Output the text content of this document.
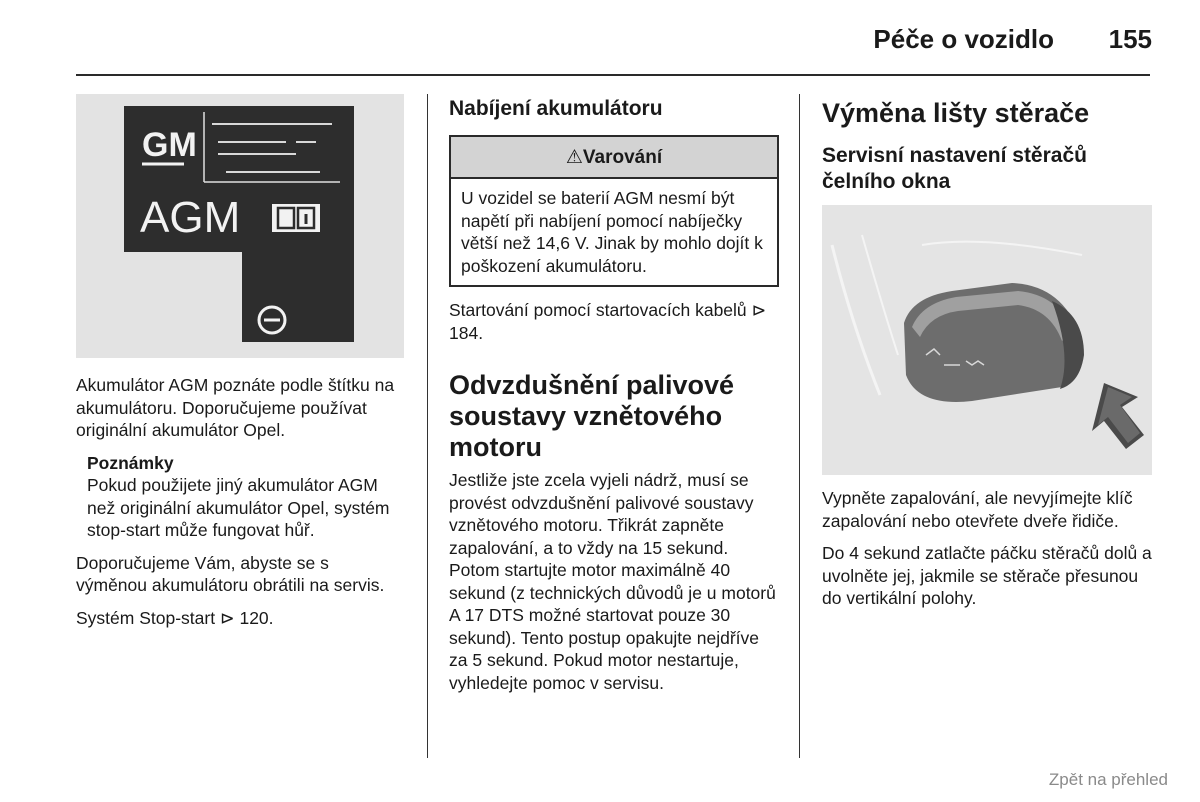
Péče o vozidlo 155
GM
AGM

Akumulátor AGM poznáte podle štítku na akumulátoru. Doporučujeme používat originální akumulátor Opel.

Poznámky
Pokud použijete jiný akumulátor AGM než originální akumulátor Opel, systém stop-start může fungovat hůř.

Doporučujeme Vám, abyste se s výměnou akumulátoru obrátili na servis.

Systém Stop-start ⊳ 120.

Nabíjení akumulátoru
⚠Varování
U vozidel se baterií AGM nesmí být napětí při nabíjení pomocí nabíječky větší než 14,6 V. Jinak by mohlo dojít k poškození akumulátoru.

Startování pomocí startovacích kabelů ⊳ 184.

Odvzdušnění palivové soustavy vznětového motoru

Jestliže jste zcela vyjeli nádrž, musí se provést odvzdušnění palivové soustavy vznětového motoru. Třikrát zapněte zapalování, a to vždy na 15 sekund. Potom startujte motor maximálně 40 sekund (z technických důvodů je u motorů A 17 DTS možné startovat pouze 30 sekund). Tento postup opakujte nejdříve za 5 sekund. Pokud motor nestartuje, vyhledejte pomoc v servisu.

Výměna lišty stěrače
Servisní nastavení stěračů čelního okna

Vypněte zapalování, ale nevyjímejte klíč zapalování nebo otevřete dveře řidiče.

Do 4 sekund zatlačte páčku stěračů dolů a uvolněte jej, jakmile se stěrače přesunou do vertikální polohy.

Zpět na přehled
